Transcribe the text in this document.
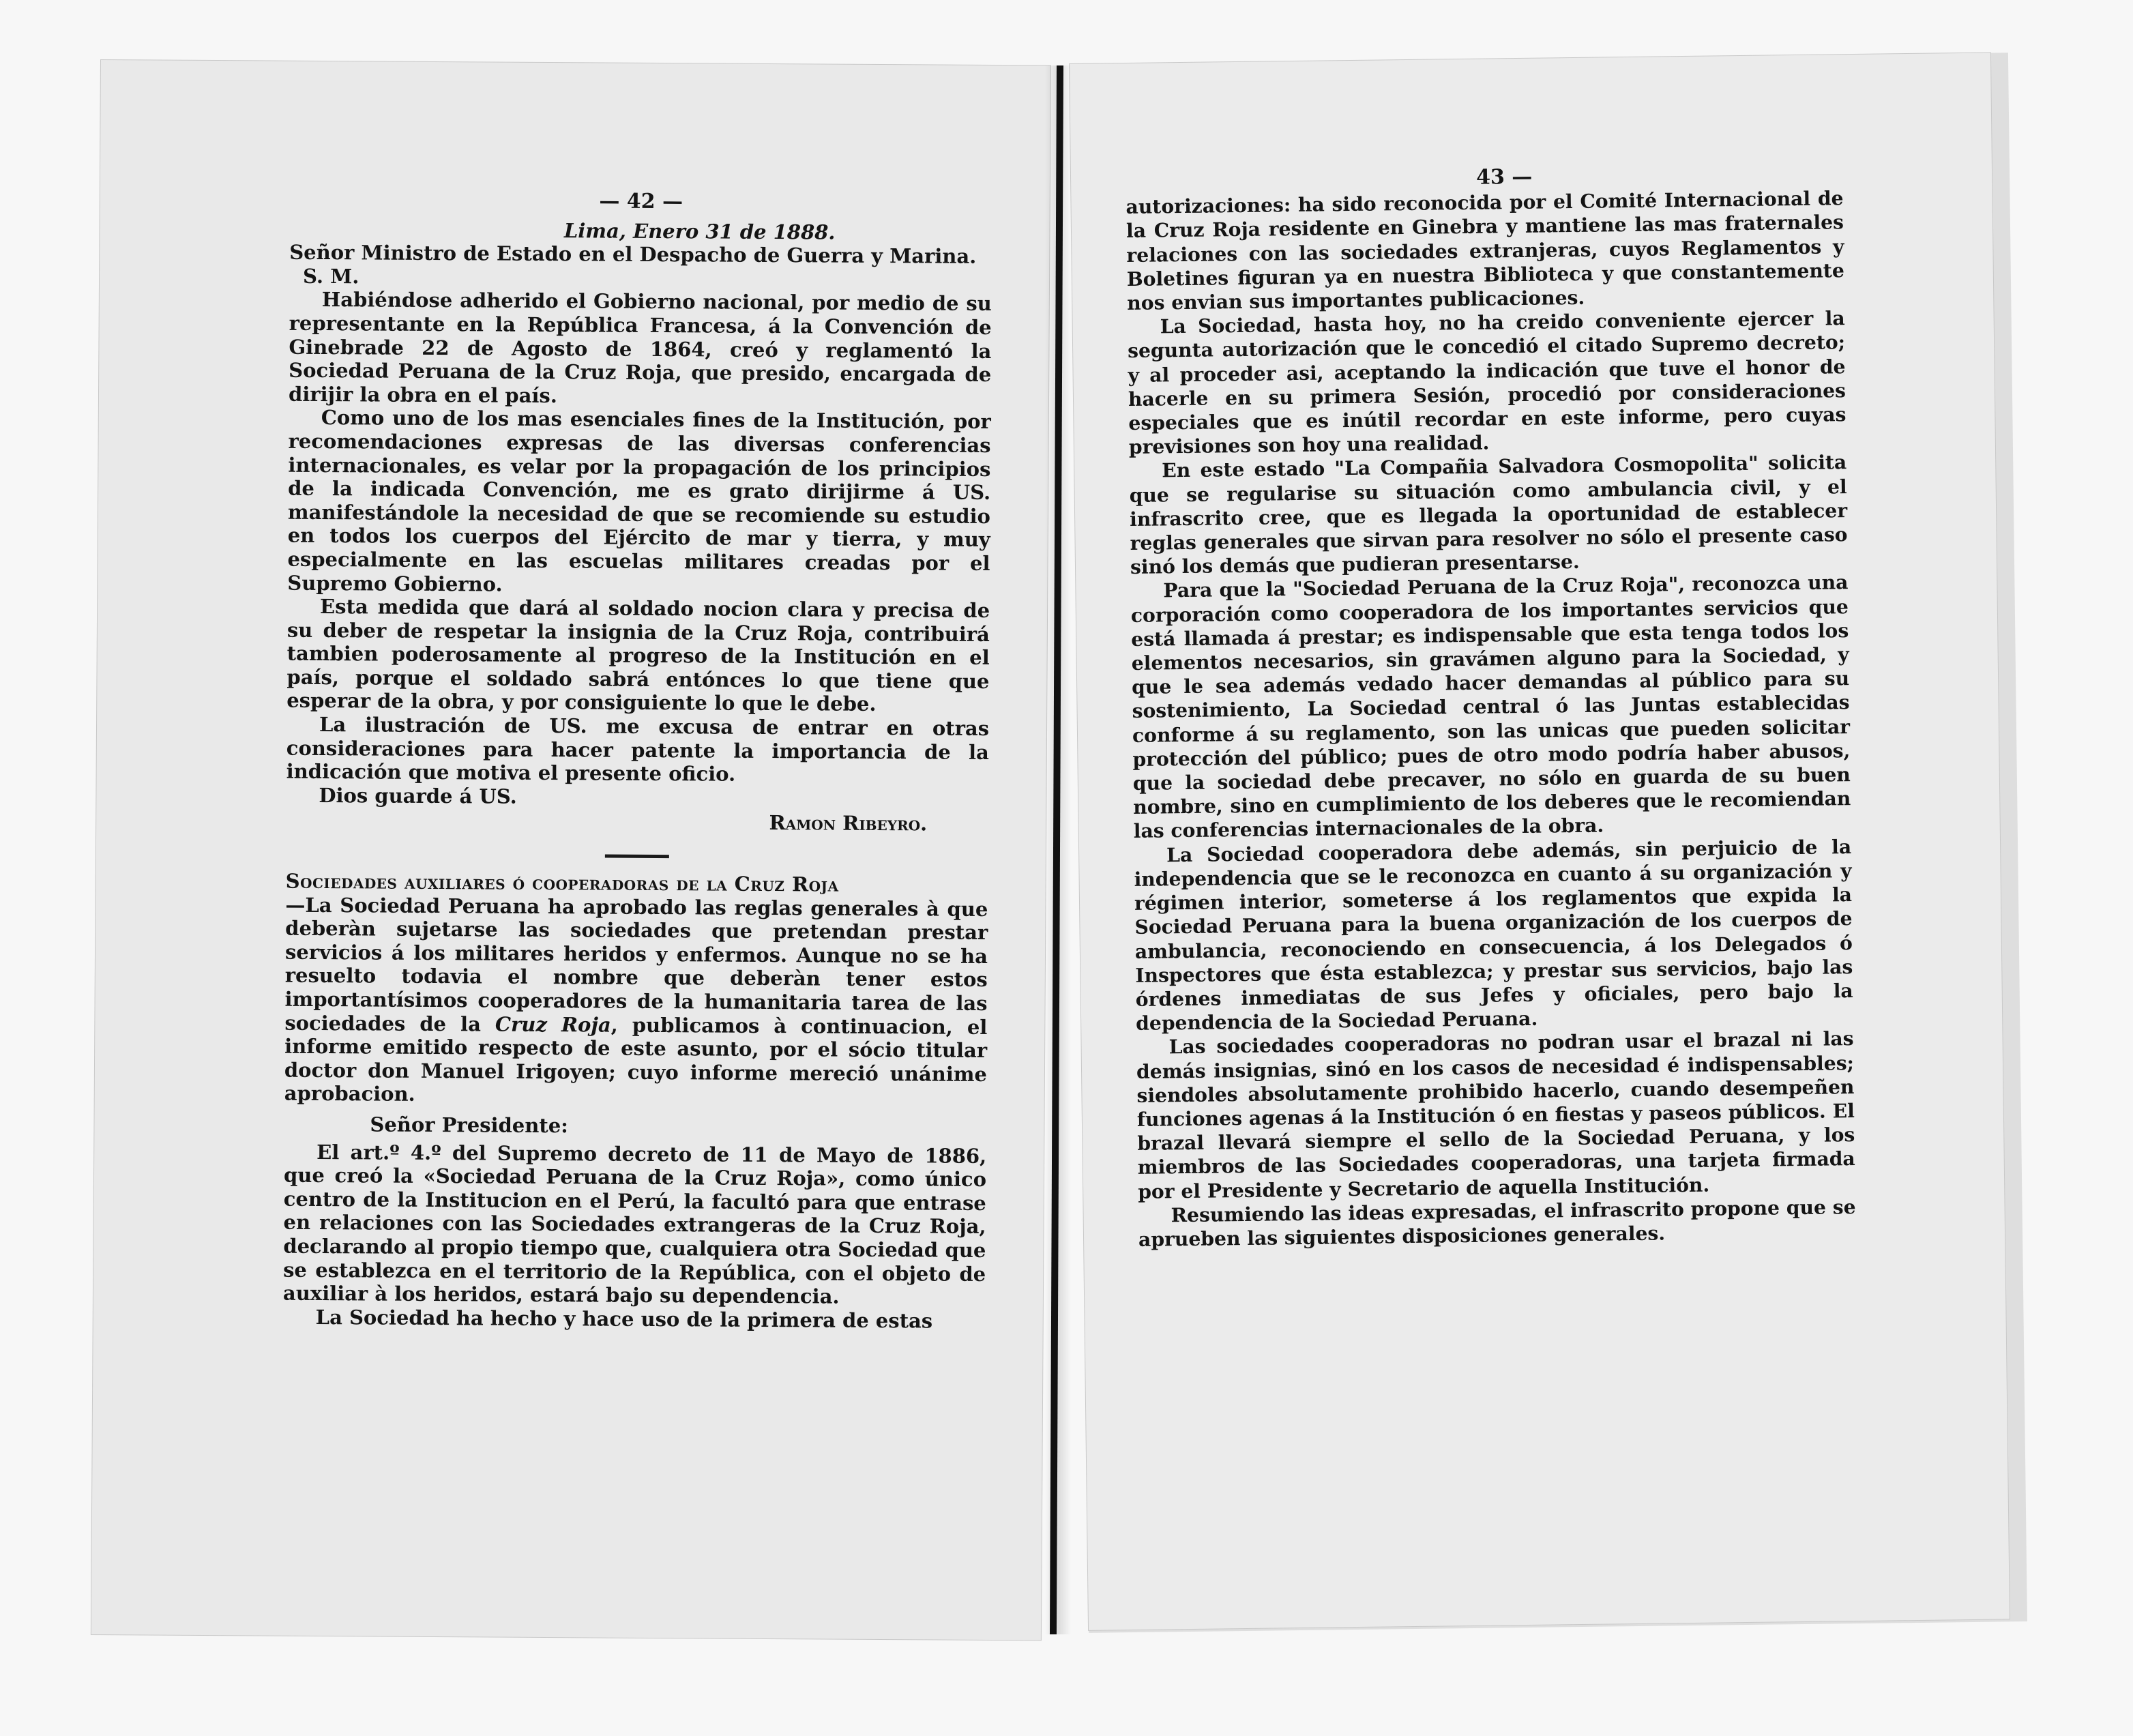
— 42 —

Lima, Enero 31 de 1888.

Señor Ministro de Estado en el Despacho de Guerra y Marina.

S. M.

Habiéndose adherido el Gobierno nacional, por medio de su representante en la República Francesa, á la Convención de Ginebrade 22 de Agosto de 1864, creó y reglamentó la Sociedad Peruana de la Cruz Roja, que presido, encargada de dirijir la obra en el país.

Como uno de los mas esenciales fines de la Institución, por recomendaciones expresas de las diversas conferencias internacionales, es velar por la propagación de los principios de la indicada Convención, me es grato dirijirme á US. manifestándole la necesidad de que se recomiende su estudio en todos los cuerpos del Ejército de mar y tierra, y muy especialmente en las escuelas militares creadas por el Supremo Gobierno.

Esta medida que dará al soldado nocion clara y precisa de su deber de respetar la insignia de la Cruz Roja, contribuirá tambien poderosamente al progreso de la Institución en el país, porque el soldado sabrá entónces lo que tiene que esperar de la obra, y por consiguiente lo que le debe.

La ilustración de US. me excusa de entrar en otras consideraciones para hacer patente la importancia de la indicación que motiva el presente oficio.

Dios guarde á US.

Ramon Ribeyro.

Sociedades auxiliares ó cooperadoras de la Cruz Roja

—La Sociedad Peruana ha aprobado las reglas generales à que deberàn sujetarse las sociedades que pretendan prestar servicios á los militares heridos y enfermos. Aunque no se ha resuelto todavia el nombre que deberàn tener estos importantísimos cooperadores de la humanitaria tarea de las sociedades de la Cruz Roja, publicamos à continuacion, el informe emitido respecto de este asunto, por el sócio titular doctor don Manuel Irigoyen; cuyo informe mereció unánime aprobacion.

Señor Presidente:

El art.º 4.º del Supremo decreto de 11 de Mayo de 1886, que creó la «Sociedad Peruana de la Cruz Roja», como único centro de la Institucion en el Perú, la facultó para que entrase en relaciones con las Sociedades extrangeras de la Cruz Roja, declarando al propio tiempo que, cualquiera otra Sociedad que se establezca en el territorio de la República, con el objeto de auxiliar à los heridos, estará bajo su dependencia.

La Sociedad ha hecho y hace uso de la primera de estas

43 —

autorizaciones: ha sido reconocida por el Comité Internacional de la Cruz Roja residente en Ginebra y mantiene las mas fraternales relaciones con las sociedades extranjeras, cuyos Reglamentos y Boletines figuran ya en nuestra Biblioteca y que constantemente nos envian sus importantes publicaciones.

La Sociedad, hasta hoy, no ha creido conveniente ejercer la segunta autorización que le concedió el citado Supremo decreto; y al proceder asi, aceptando la indicación que tuve el honor de hacerle en su primera Sesión, procedió por consideraciones especiales que es inútil recordar en este informe, pero cuyas previsiones son hoy una realidad.

En este estado "La Compañia Salvadora Cosmopolita" solicita que se regularise su situación como ambulancia civil, y el infrascrito cree, que es llegada la oportunidad de establecer reglas generales que sirvan para resolver no sólo el presente caso sinó los demás que pudieran presentarse.

Para que la "Sociedad Peruana de la Cruz Roja", reconozca una corporación como cooperadora de los importantes servicios que está llamada á prestar; es indispensable que esta tenga todos los elementos necesarios, sin gravámen alguno para la Sociedad, y que le sea además vedado hacer demandas al público para su sostenimiento, La Sociedad central ó las Juntas establecidas conforme á su reglamento, son las unicas que pueden solicitar protección del público; pues de otro modo podría haber abusos, que la sociedad debe precaver, no sólo en guarda de su buen nombre, sino en cumplimiento de los deberes que le recomiendan las conferencias internacionales de la obra.

La Sociedad cooperadora debe además, sin perjuicio de la independencia que se le reconozca en cuanto á su organización y régimen interior, someterse á los reglamentos que expida la Sociedad Peruana para la buena organización de los cuerpos de ambulancia, reconociendo en consecuencia, á los Delegados ó Inspectores que ésta establezca; y prestar sus servicios, bajo las órdenes inmediatas de sus Jefes y oficiales, pero bajo la dependencia de la Sociedad Peruana.

Las sociedades cooperadoras no podran usar el brazal ni las demás insignias, sinó en los casos de necesidad é indispensables; siendoles absolutamente prohibido hacerlo, cuando desempeñen funciones agenas á la Institución ó en fiestas y paseos públicos. El brazal llevará siempre el sello de la Sociedad Peruana, y los miembros de las Sociedades cooperadoras, una tarjeta firmada por el Presidente y Secretario de aquella Institución.

Resumiendo las ideas expresadas, el infrascrito propone que se aprueben las siguientes disposiciones generales.
